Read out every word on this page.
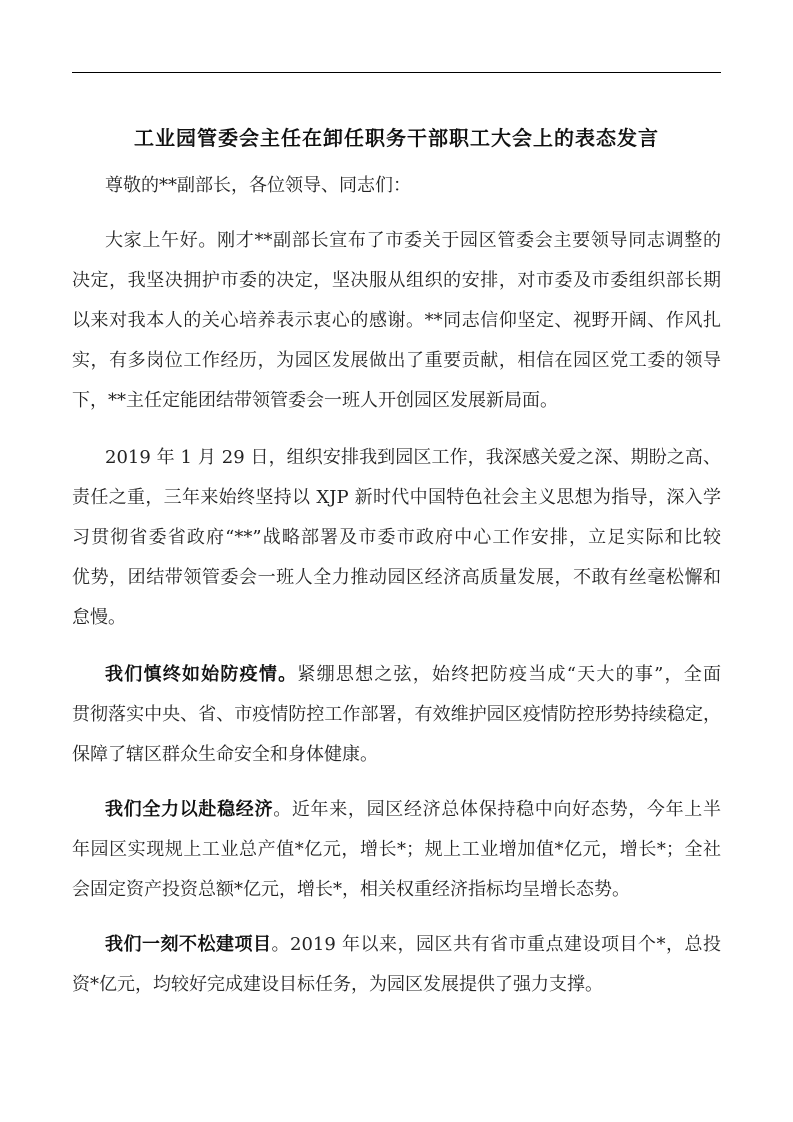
工业园管委会主任在卸任职务干部职工大会上的表态发言
尊敬的**副部长，各位领导、同志们：
大家上午好。刚才**副部长宣布了市委关于园区管委会主要领导同志调整的
决定，我坚决拥护市委的决定，坚决服从组织的安排，对市委及市委组织部长期
以来对我本人的关心培养表示衷心的感谢。**同志信仰坚定、视野开阔、作风扎
实，有多岗位工作经历，为园区发展做出了重要贡献，相信在园区党工委的领导
下，**主任定能团结带领管委会一班人开创园区发展新局面。
2019 年 1 月 29 日，组织安排我到园区工作，我深感关爱之深、期盼之高、
责任之重，三年来始终坚持以 XJP 新时代中国特色社会主义思想为指导，深入学
习贯彻省委省政府“**”战略部署及市委市政府中心工作安排，立足实际和比较
优势，团结带领管委会一班人全力推动园区经济高质量发展，不敢有丝毫松懈和
怠慢。
我们慎终如始防疫情。紧绷思想之弦，始终把防疫当成“天大的事”，全面
贯彻落实中央、省、市疫情防控工作部署，有效维护园区疫情防控形势持续稳定，
保障了辖区群众生命安全和身体健康。
我们全力以赴稳经济。近年来，园区经济总体保持稳中向好态势，今年上半
年园区实现规上工业总产值*亿元，增长*；规上工业增加值*亿元，增长*；全社
会固定资产投资总额*亿元，增长*，相关权重经济指标均呈增长态势。
我们一刻不松建项目。2019 年以来，园区共有省市重点建设项目个*，总投
资*亿元，均较好完成建设目标任务，为园区发展提供了强力支撑。
